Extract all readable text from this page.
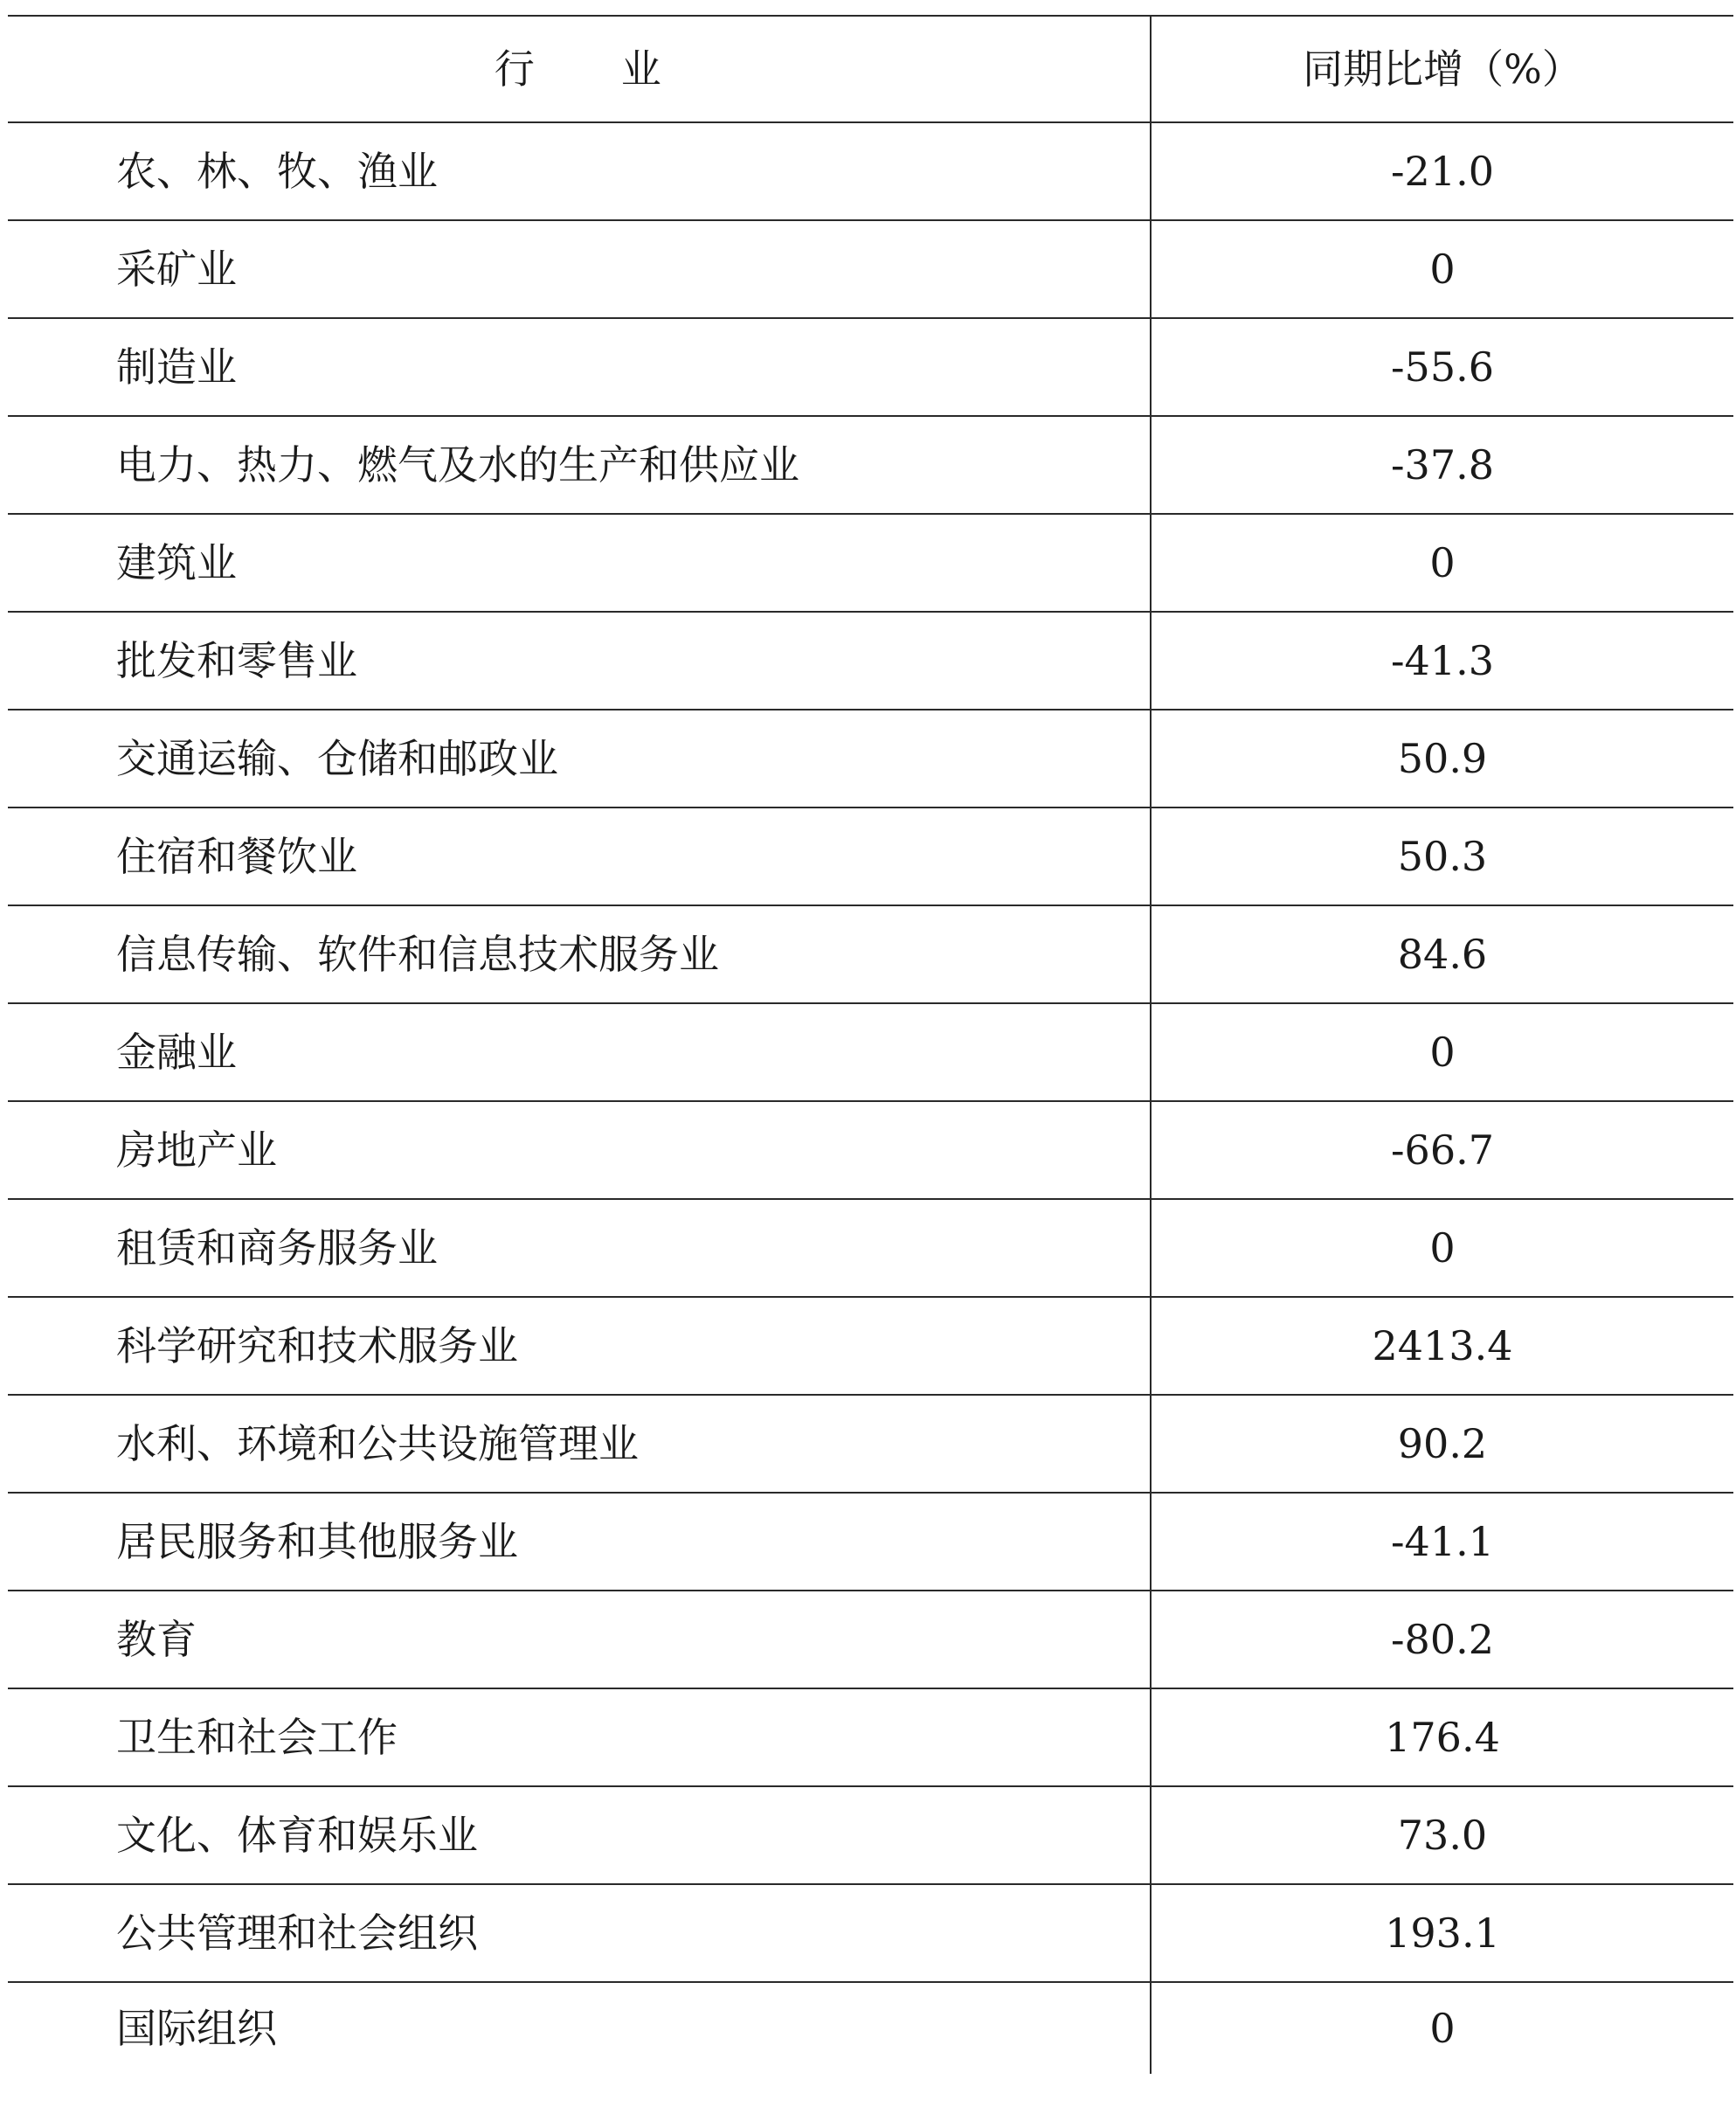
行　　业	同期比增（%）
农、林、牧、渔业	-21.0
采矿业	0
制造业	-55.6
电力、热力、燃气及水的生产和供应业	-37.8
建筑业	0
批发和零售业	-41.3
交通运输、仓储和邮政业	50.9
住宿和餐饮业	50.3
信息传输、软件和信息技术服务业	84.6
金融业	0
房地产业	-66.7
租赁和商务服务业	0
科学研究和技术服务业	2413.4
水利、环境和公共设施管理业	90.2
居民服务和其他服务业	-41.1
教育	-80.2
卫生和社会工作	176.4
文化、体育和娱乐业	73.0
公共管理和社会组织	193.1
国际组织	0
